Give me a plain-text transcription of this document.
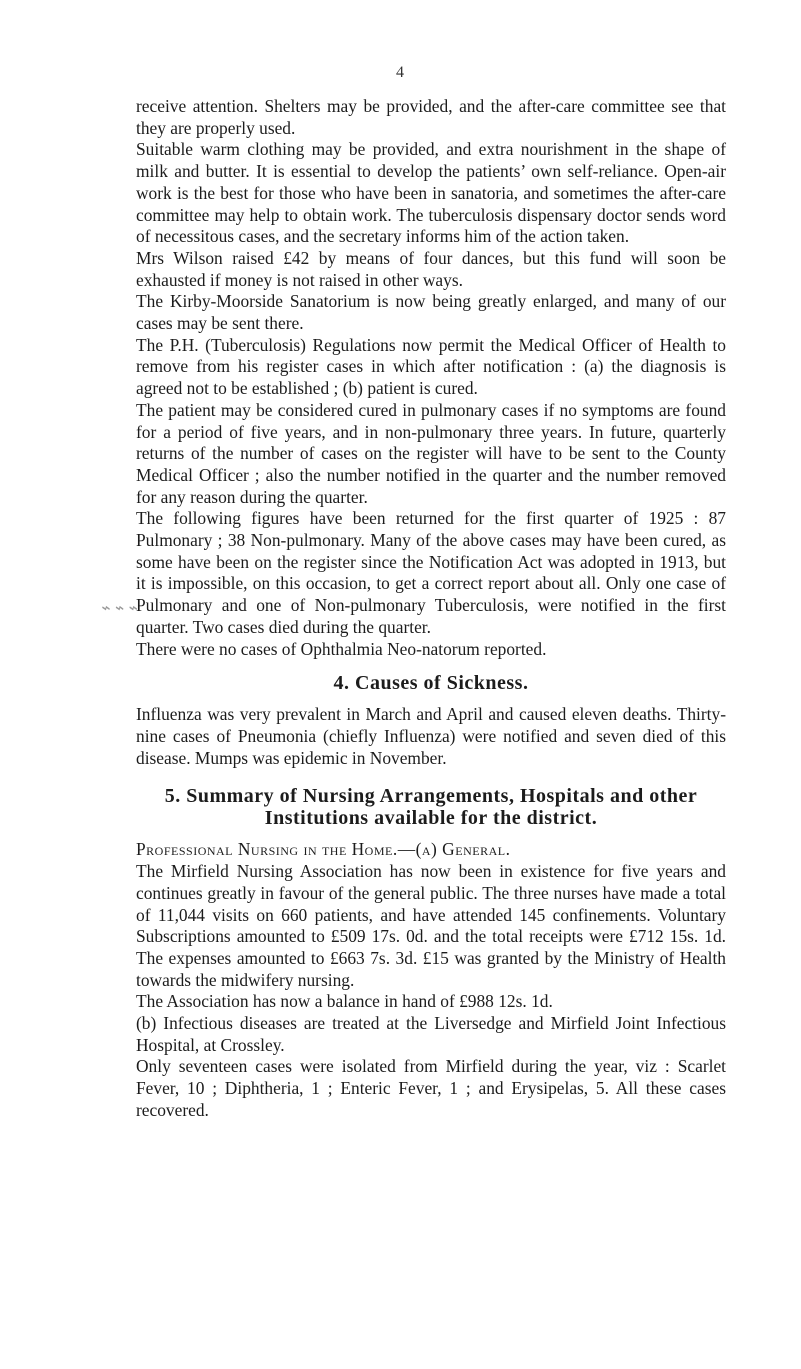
4
⌁ ⌁ ⌁

receive attention. Shelters may be provided, and the after-care committee see that they are properly used.

Suitable warm clothing may be provided, and extra nourishment in the shape of milk and butter. It is essential to develop the patients’ own self-reliance. Open-air work is the best for those who have been in sanatoria, and sometimes the after-care committee may help to obtain work. The tuberculosis dispensary doctor sends word of necessitous cases, and the secretary informs him of the action taken.

Mrs Wilson raised £42 by means of four dances, but this fund will soon be exhausted if money is not raised in other ways.

The Kirby-Moorside Sanatorium is now being greatly enlarged, and many of our cases may be sent there.

The P.H. (Tuberculosis) Regulations now permit the Medical Officer of Health to remove from his register cases in which after notification : (a) the diagnosis is agreed not to be established ; (b) patient is cured.

The patient may be considered cured in pulmonary cases if no symptoms are found for a period of five years, and in non-pulmonary three years. In future, quarterly returns of the number of cases on the register will have to be sent to the County Medical Officer ; also the number notified in the quarter and the number removed for any reason during the quarter.

The following figures have been returned for the first quarter of 1925 : 87 Pulmonary ; 38 Non-pulmonary. Many of the above cases may have been cured, as some have been on the register since the Notification Act was adopted in 1913, but it is impossible, on this occasion, to get a correct report about all. Only one case of Pulmonary and one of Non-pulmonary Tuberculosis, were notified in the first quarter. Two cases died during the quarter.

There were no cases of Ophthalmia Neo-natorum reported.

4. Causes of Sickness.

Influenza was very prevalent in March and April and caused eleven deaths. Thirty-nine cases of Pneumonia (chiefly Influenza) were notified and seven died of this disease. Mumps was epidemic in November.

5. Summary of Nursing Arrangements, Hospitals and other Institutions available for the district.

Professional Nursing in the Home.—(a) General.

The Mirfield Nursing Association has now been in existence for five years and continues greatly in favour of the general public. The three nurses have made a total of 11,044 visits on 660 patients, and have attended 145 confinements. Voluntary Subscriptions amounted to £509 17s. 0d. and the total receipts were £712 15s. 1d. The expenses amounted to £663 7s. 3d. £15 was granted by the Ministry of Health towards the midwifery nursing.

The Association has now a balance in hand of £988 12s. 1d.

(b) Infectious diseases are treated at the Liversedge and Mirfield Joint Infectious Hospital, at Crossley.

Only seventeen cases were isolated from Mirfield during the year, viz : Scarlet Fever, 10 ; Diphtheria, 1 ; Enteric Fever, 1 ; and Erysipelas, 5. All these cases recovered.
